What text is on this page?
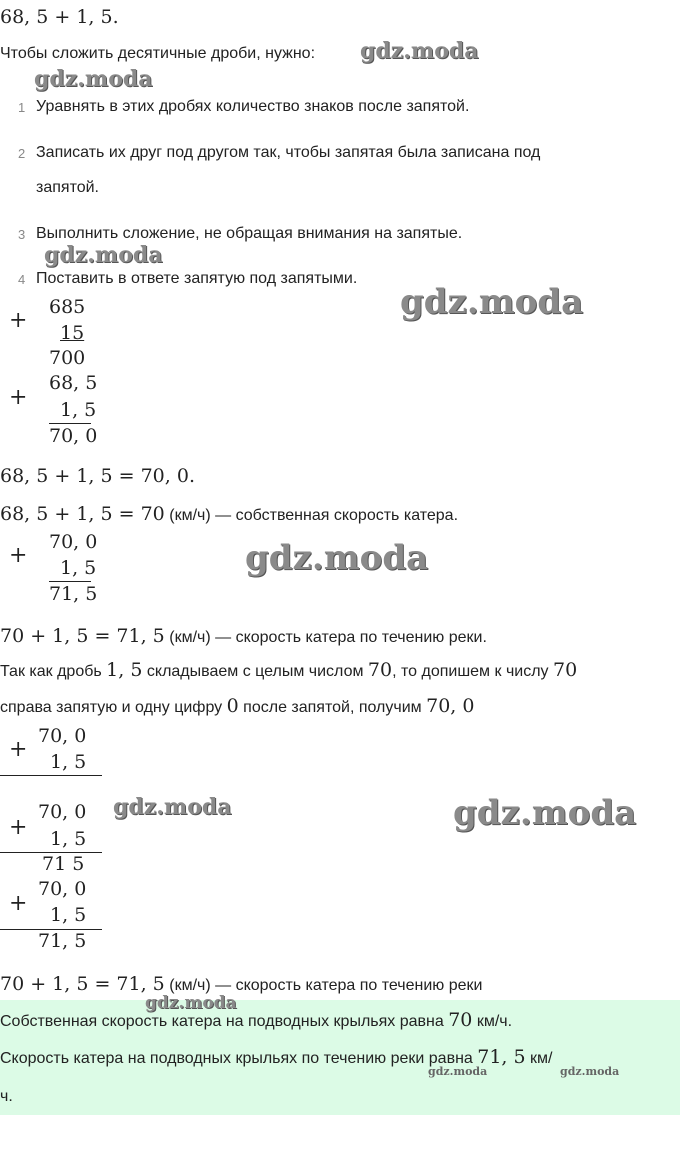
68, 5 + 1, 5.
Чтобы сложить десятичные дроби, нужно:
1 Уравнять в этих дробях количество знаков после запятой.
2 Записать их друг под другом так, чтобы запятая была записана под
запятой.
3 Выполнить сложение, не обращая внимания на запятые.
4 Поставить в ответе запятую под запятыми.
+
685
15
700
+
68, 5
1, 5
70, 0
68, 5 + 1, 5 = 70, 0.
68, 5 + 1, 5 = 70 (км/ч) — собственная скорость катера.
+
70, 0
1, 5
71, 5
70 + 1, 5 = 71, 5 (км/ч) — скорость катера по течению реки.
Так как дробь 1, 5 складываем с целым числом 70, то допишем к числу 70
справа запятую и одну цифру 0 после запятой, получим 70, 0
+
70, 0
1, 5
+
70, 0
1, 5
71 5
+
70, 0
1, 5
71, 5
70 + 1, 5 = 71, 5 (км/ч) — скорость катера по течению реки
Собственная скорость катера на подводных крыльях равна 70 км/ч.
Скорость катера на подводных крыльях по течению реки равна 71, 5 км/
ч.
gdz.moda
gdz.moda
gdz.moda
gdz.moda
gdz.moda
gdz.moda	gdz.moda
gdz.moda
gdz.moda	gdz.moda
